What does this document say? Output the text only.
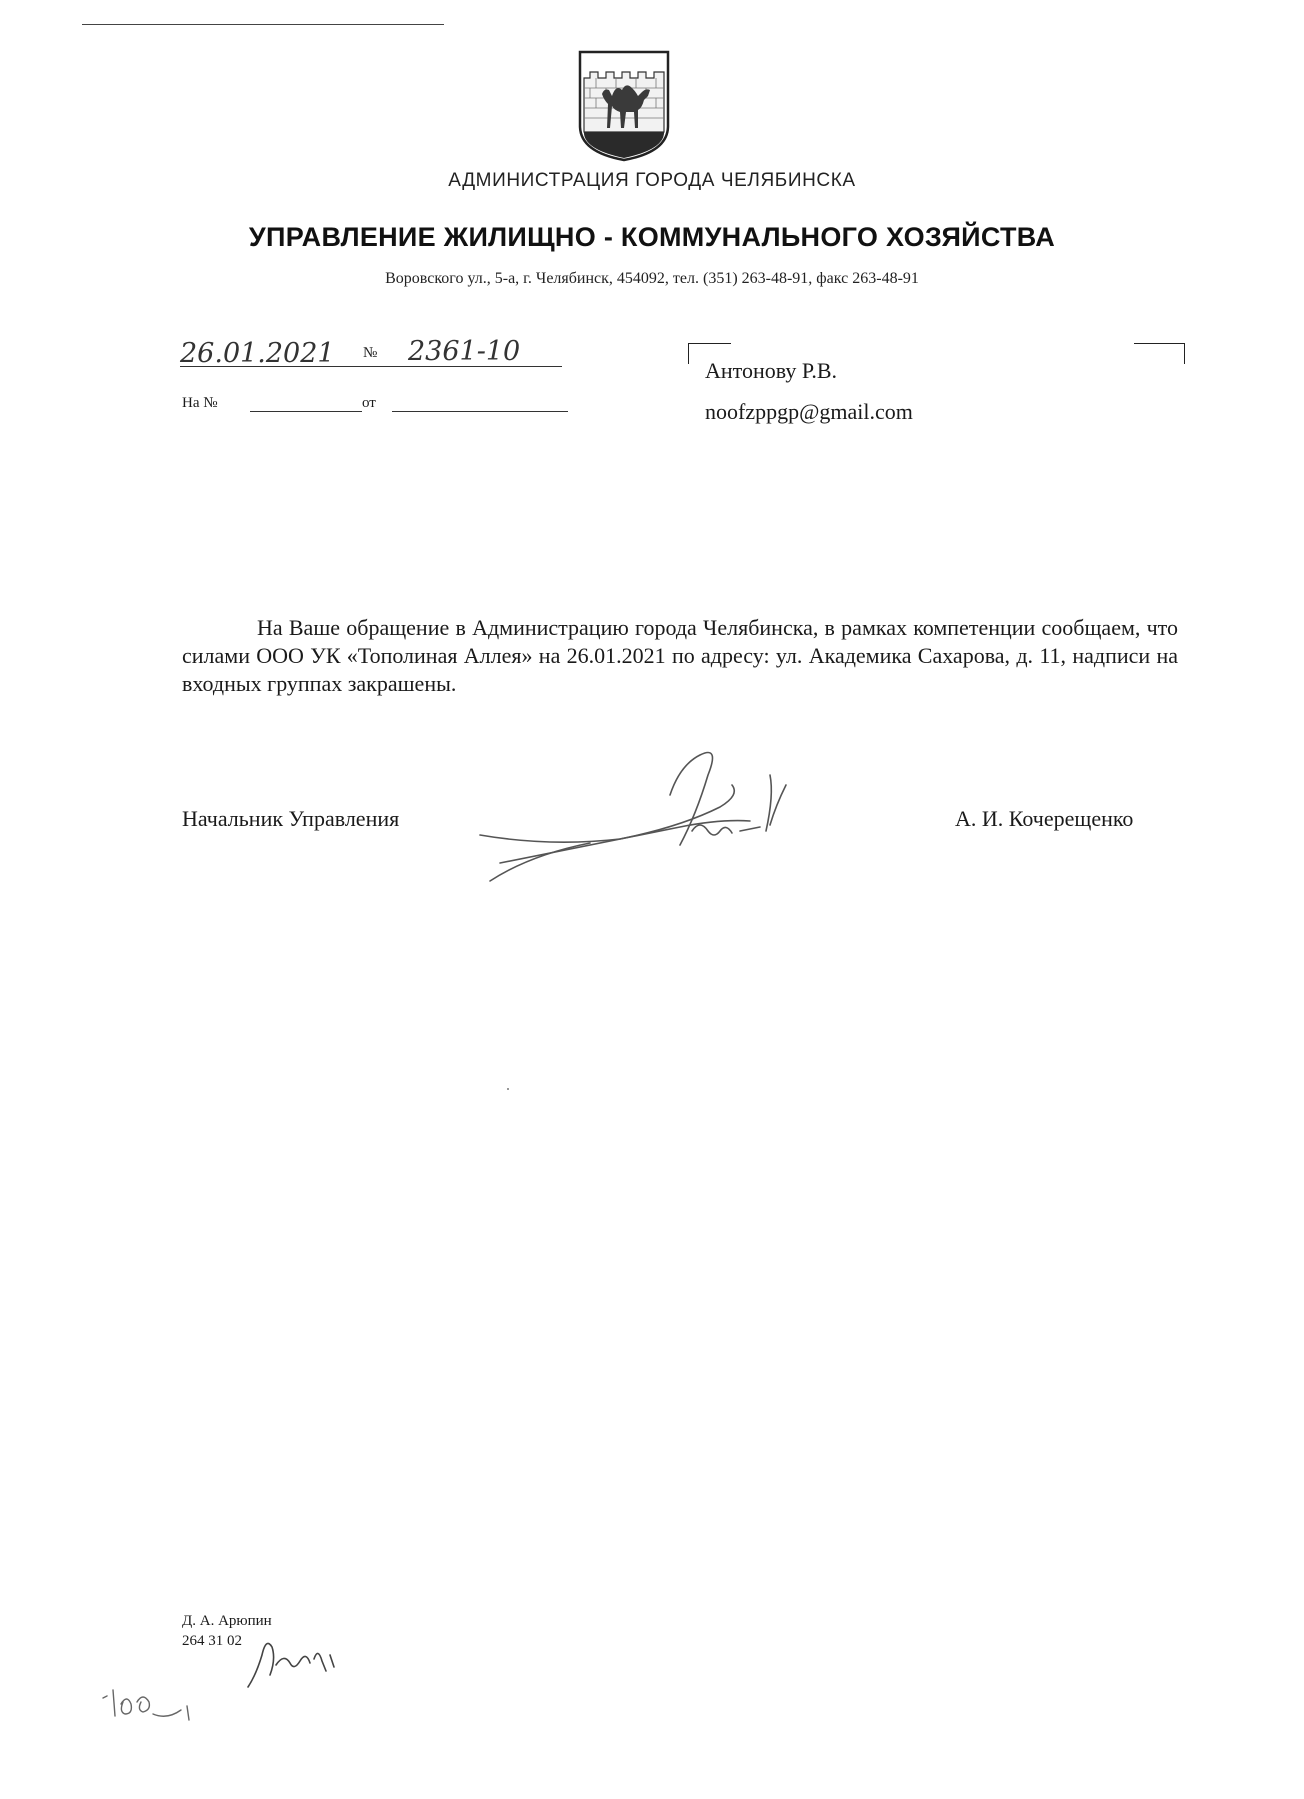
АДМИНИСТРАЦИЯ ГОРОДА ЧЕЛЯБИНСКА
УПРАВЛЕНИЕ ЖИЛИЩНО - КОММУНАЛЬНОГО ХОЗЯЙСТВА
Воровского ул., 5-а, г. Челябинск, 454092, тел. (351) 263-48-91, факс 263-48-91
26.01.2021 № 2361-10
На №	от
Антонову Р.В.
noofzppgp@gmail.com
На Ваше обращение в Администрацию города Челябинска, в рамках компетенции сообщаем, что силами ООО УК «Тополиная Аллея» на 26.01.2021 по адресу: ул. Академика Сахарова, д. 11, надписи на входных группах закрашены.
Начальник Управления	А. И. Кочерещенко
Д. А. Арюпин
264 31 02
